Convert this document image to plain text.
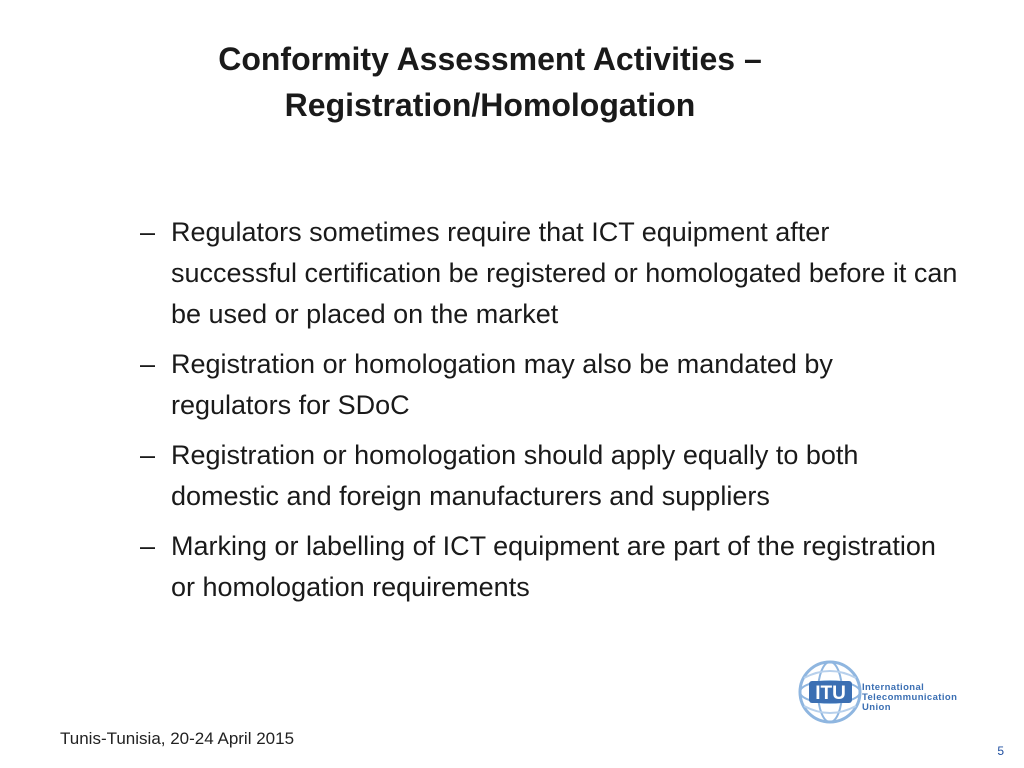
Conformity Assessment Activities –
Registration/Homologation
– Regulators sometimes require that ICT equipment after successful certification be registered or homologated before it can be used or placed on the market
– Registration or homologation may also be mandated by regulators for SDoC
– Registration or homologation should apply equally to both domestic and foreign manufacturers and suppliers
– Marking or labelling of ICT equipment are part of the registration or homologation requirements
ITU International
Telecommunication
Union
Tunis-Tunisia, 20-24 April 2015
5
